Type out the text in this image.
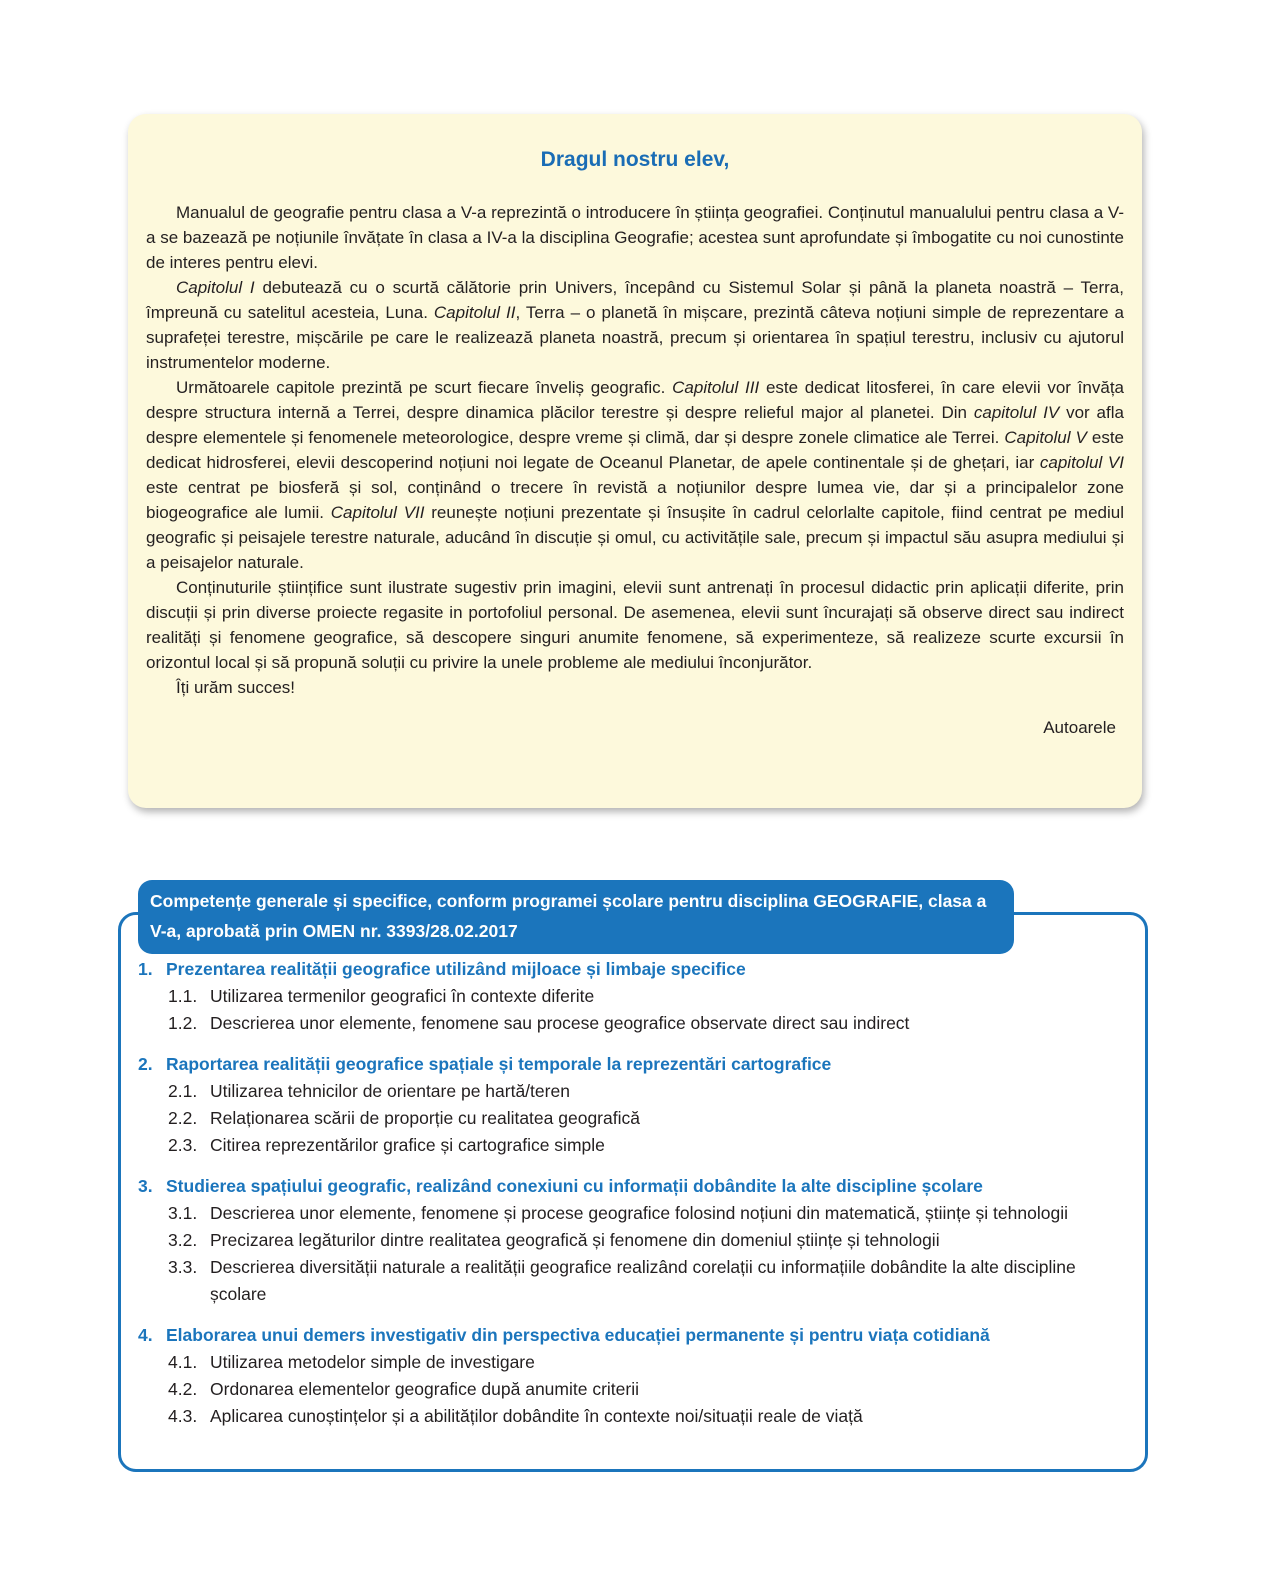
Dragul nostru elev,

Manualul de geografie pentru clasa a V-a reprezintă o introducere în știința geografiei. Conținutul manualului pentru clasa a V-a se bazează pe noțiunile învățate în clasa a IV-a la disciplina Geografie; acestea sunt aprofundate și îmbogatite cu noi cunostinte de interes pentru elevi.

Capitolul I debutează cu o scurtă călătorie prin Univers, începând cu Sistemul Solar și până la planeta noastră – Terra, împreună cu satelitul acesteia, Luna. Capitolul II, Terra – o planetă în mișcare, prezintă câteva noțiuni simple de reprezentare a suprafeței terestre, mișcările pe care le realizează planeta noastră, precum și orientarea în spațiul terestru, inclusiv cu ajutorul instrumentelor moderne.

Următoarele capitole prezintă pe scurt fiecare înveliș geografic. Capitolul III este dedicat litosferei, în care elevii vor învăța despre structura internă a Terrei, despre dinamica plăcilor terestre și despre relieful major al planetei. Din capitolul IV vor afla despre elementele și fenomenele meteorologice, despre vreme și climă, dar și despre zonele climatice ale Terrei. Capitolul V este dedicat hidrosferei, elevii descoperind noțiuni noi legate de Oceanul Planetar, de apele continentale și de ghețari, iar capitolul VI este centrat pe biosferă și sol, conținând o trecere în revistă a noțiunilor despre lumea vie, dar și a principalelor zone biogeografice ale lumii. Capitolul VII reunește noțiuni prezentate și însușite în cadrul celorlalte capitole, fiind centrat pe mediul geografic și peisajele terestre naturale, aducând în discuție și omul, cu activitățile sale, precum și impactul său asupra mediului și a peisajelor naturale.

Conținuturile științifice sunt ilustrate sugestiv prin imagini, elevii sunt antrenați în procesul didactic prin aplicații diferite, prin discuții și prin diverse proiecte regasite in portofoliul personal. De asemenea, elevii sunt încurajați să observe direct sau indirect realități și fenomene geografice, să descopere singuri anumite fenomene, să experimenteze, să realizeze scurte excursii în orizontul local și să propună soluții cu privire la unele probleme ale mediului înconjurător.

Îți urăm succes!

Autoarele
Competențe generale și specifice, conform programei școlare pentru disciplina GEOGRAFIE, clasa a V-a, aprobată prin OMEN nr. 3393/28.02.2017
1. Prezentarea realității geografice utilizând mijloace și limbaje specifice
1.1. Utilizarea termenilor geografici în contexte diferite
1.2. Descrierea unor elemente, fenomene sau procese geografice observate direct sau indirect
2. Raportarea realității geografice spațiale și temporale la reprezentări cartografice
2.1. Utilizarea tehnicilor de orientare pe hartă/teren
2.2. Relaționarea scării de proporție cu realitatea geografică
2.3. Citirea reprezentărilor grafice și cartografice simple
3. Studierea spațiului geografic, realizând conexiuni cu informații dobândite la alte discipline școlare
3.1. Descrierea unor elemente, fenomene și procese geografice folosind noțiuni din matematică, științe și tehnologii
3.2. Precizarea legăturilor dintre realitatea geografică și fenomene din domeniul științe și tehnologii
3.3. Descrierea diversității naturale a realității geografice realizând corelații cu informațiile dobândite la alte discipline școlare
4. Elaborarea unui demers investigativ din perspectiva educației permanente și pentru viața cotidiană
4.1. Utilizarea metodelor simple de investigare
4.2. Ordonarea elementelor geografice după anumite criterii
4.3. Aplicarea cunoștințelor și a abilităților dobândite în contexte noi/situații reale de viață
